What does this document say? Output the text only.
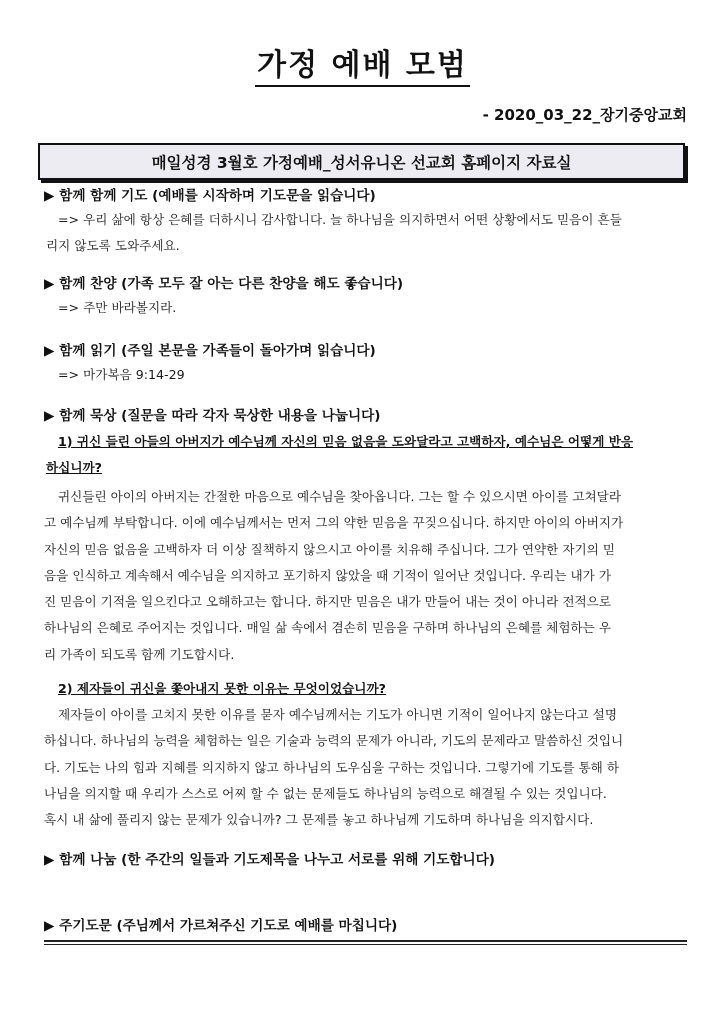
가정 예배 모범
- 2020_03_22_장기중앙교회
매일성경 3월호 가정예배_성서유니온 선교회 홈페이지 자료실
▶ 함께 함께 기도 (예배를 시작하며 기도문을 읽습니다)
=> 우리 삶에 항상 은혜를 더하시니 감사합니다. 늘 하나님을 의지하면서 어떤 상황에서도 믿음이 흔들
리지 않도록 도와주세요.
▶ 함께 찬양 (가족 모두 잘 아는 다른 찬양을 해도 좋습니다)
=> 주만 바라볼지라.
▶ 함께 읽기 (주일 본문을 가족들이 돌아가며 읽습니다)
=> 마가복음 9:14-29
▶ 함께 묵상 (질문을 따라 각자 묵상한 내용을 나눕니다)
1) 귀신 들린 아들의 아버지가 예수님께 자신의 믿음 없음을 도와달라고 고백하자, 예수님은 어떻게 반응
하십니까?
귀신들린 아이의 아버지는 간절한 마음으로 예수님을 찾아옵니다. 그는 할 수 있으시면 아이를 고쳐달라
고 예수님께 부탁합니다. 이에 예수님께서는 먼저 그의 약한 믿음을 꾸짖으십니다. 하지만 아이의 아버지가
자신의 믿음 없음을 고백하자 더 이상 질책하지 않으시고 아이를 치유해 주십니다. 그가 연약한 자기의 믿
음을 인식하고 계속해서 예수님을 의지하고 포기하지 않았을 때 기적이 일어난 것입니다. 우리는 내가 가
진 믿음이 기적을 일으킨다고 오해하고는 합니다. 하지만 믿음은 내가 만들어 내는 것이 아니라 전적으로
하나님의 은혜로 주어지는 것입니다. 매일 삶 속에서 겸손히 믿음을 구하며 하나님의 은혜를 체험하는 우
리 가족이 되도록 함께 기도합시다.
2) 제자들이 귀신을 쫓아내지 못한 이유는 무엇이었습니까?
제자들이 아이를 고치지 못한 이유를 묻자 예수님께서는 기도가 아니면 기적이 일어나지 않는다고 설명
하십니다. 하나님의 능력을 체험하는 일은 기술과 능력의 문제가 아니라, 기도의 문제라고 말씀하신 것입니
다. 기도는 나의 힘과 지혜를 의지하지 않고 하나님의 도우심을 구하는 것입니다. 그렇기에 기도를 통해 하
나님을 의지할 때 우리가 스스로 어찌 할 수 없는 문제들도 하나님의 능력으로 해결될 수 있는 것입니다.
혹시 내 삶에 풀리지 않는 문제가 있습니까? 그 문제를 놓고 하나님께 기도하며 하나님을 의지합시다.
▶ 함께 나눔 (한 주간의 일들과 기도제목을 나누고 서로를 위해 기도합니다)
▶ 주기도문 (주님께서 가르쳐주신 기도로 예배를 마칩니다)
